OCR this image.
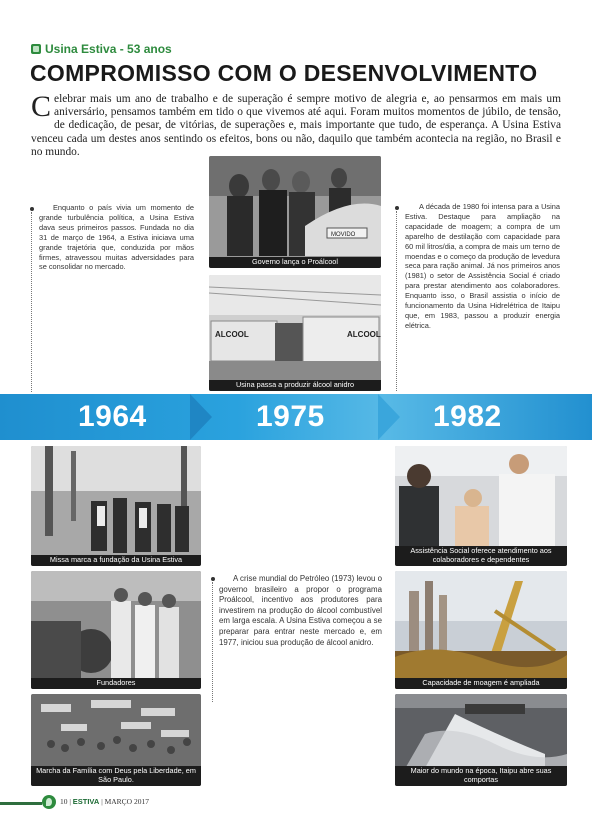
Usina Estiva - 53 anos
COMPROMISSO COM O DESENVOLVIMENTO
Celebrar mais um ano de trabalho e de superação é sempre motivo de alegria e, ao pensarmos em mais um aniversário, pensamos também em tido o que vivemos até aqui. Foram muitos momentos de júbilo, de tensão, de dedicação, de pesar, de vitórias, de superações e, mais importante que tudo, de esperança. A Usina Estiva venceu cada um destes anos sentindo os efeitos, bons ou não, daquilo que também acontecia na região, no Brasil e no mundo.
Enquanto o país vivia um momento de grande turbulência política, a Usina Estiva dava seus primeiros passos. Fundada no dia 31 de março de 1964, a Estiva iniciava uma grande trajetória que, conduzida por mãos firmes, atravessou muitas adversidades para se consolidar no mercado.
A década de 1980 foi intensa para a Usina Estiva. Destaque para ampliação na capacidade de moagem; a compra de um aparelho de destilação com capacidade para 60 mil litros/dia, a compra de mais um terno de moendas e o começo da produção de levedura seca para ração animal. Já nos primeiros anos (1981) o setor de Assistência Social é criado para prestar atendimento aos colaboradores. Enquanto isso, o Brasil assistia o início de funcionamento da Usina Hidrelétrica de Itaipu que, em 1983, passou a produzir energia elétrica.
MOVIDO
Governo lança o Proálcool
ALCOOL	ALCOOL
Usina passa a produzir álcool anidro
1964	1975	1982
Missa marca a fundação da Usina Estiva
Fundadores
Marcha da Família com Deus pela Liberdade, em São Paulo.
A crise mundial do Petróleo (1973) levou o governo brasileiro a propor o programa Proálcool, incentivo aos produtores para investirem na produção do álcool combustível em larga escala. A Usina Estiva começou a se preparar para entrar neste mercado e, em 1977, iniciou sua produção de álcool anidro.
Assistência Social oferece atendimento aos colaboradores e dependentes
Capacidade de moagem é ampliada
Maior do mundo na época, Itaipu abre suas comportas
10 | ESTIVA | MARÇO 2017
